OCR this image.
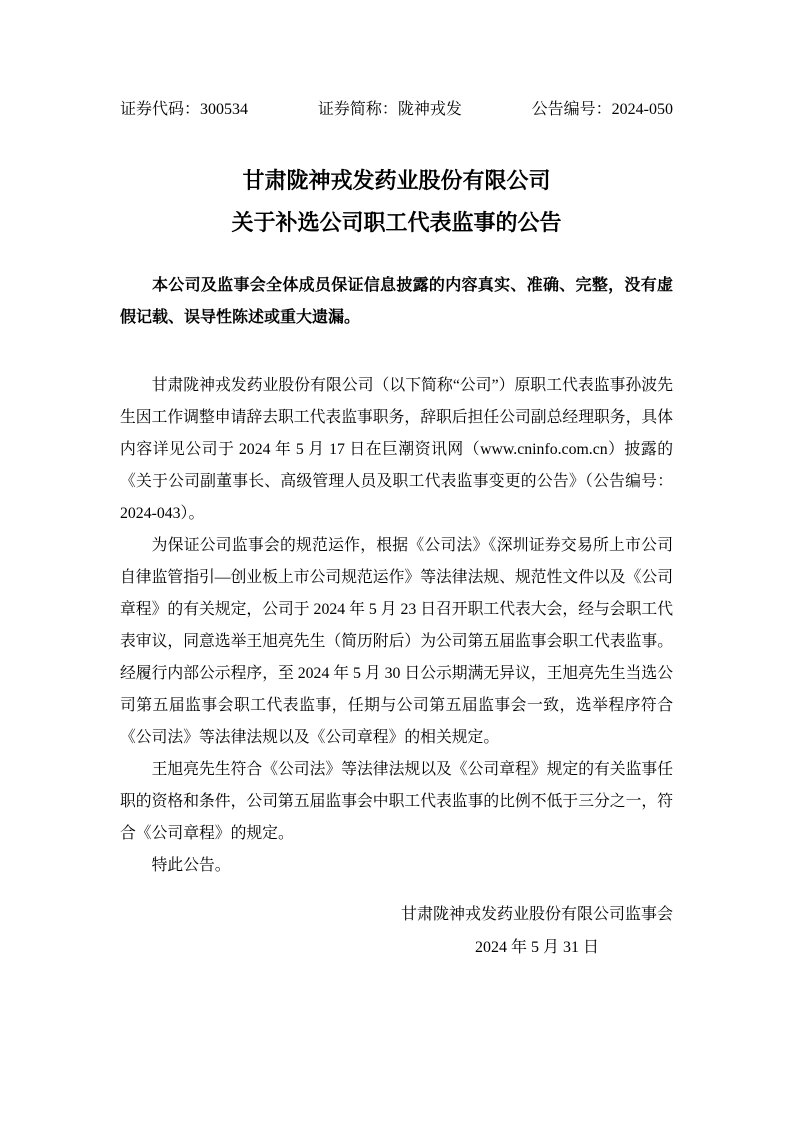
证券代码：300534	证券简称：陇神戎发	公告编号：2024-050
甘肃陇神戎发药业股份有限公司
关于补选公司职工代表监事的公告

本公司及监事会全体成员保证信息披露的内容真实、准确、完整，没有虚假记载、误导性陈述或重大遗漏。

甘肃陇神戎发药业股份有限公司（以下简称“公司”）原职工代表监事孙波先生因工作调整申请辞去职工代表监事职务，辞职后担任公司副总经理职务，具体内容详见公司于 2024 年 5 月 17 日在巨潮资讯网（www.cninfo.com.cn）披露的《关于公司副董事长、高级管理人员及职工代表监事变更的公告》（公告编号：2024-043）。

为保证公司监事会的规范运作，根据《公司法》《深圳证券交易所上市公司自律监管指引—创业板上市公司规范运作》等法律法规、规范性文件以及《公司章程》的有关规定，公司于 2024 年 5 月 23 日召开职工代表大会，经与会职工代表审议，同意选举王旭亮先生（简历附后）为公司第五届监事会职工代表监事。经履行内部公示程序，至 2024 年 5 月 30 日公示期满无异议，王旭亮先生当选公司第五届监事会职工代表监事，任期与公司第五届监事会一致，选举程序符合《公司法》等法律法规以及《公司章程》的相关规定。

王旭亮先生符合《公司法》等法律法规以及《公司章程》规定的有关监事任职的资格和条件，公司第五届监事会中职工代表监事的比例不低于三分之一，符合《公司章程》的规定。

特此公告。

甘肃陇神戎发药业股份有限公司监事会
2024 年 5 月 31 日
